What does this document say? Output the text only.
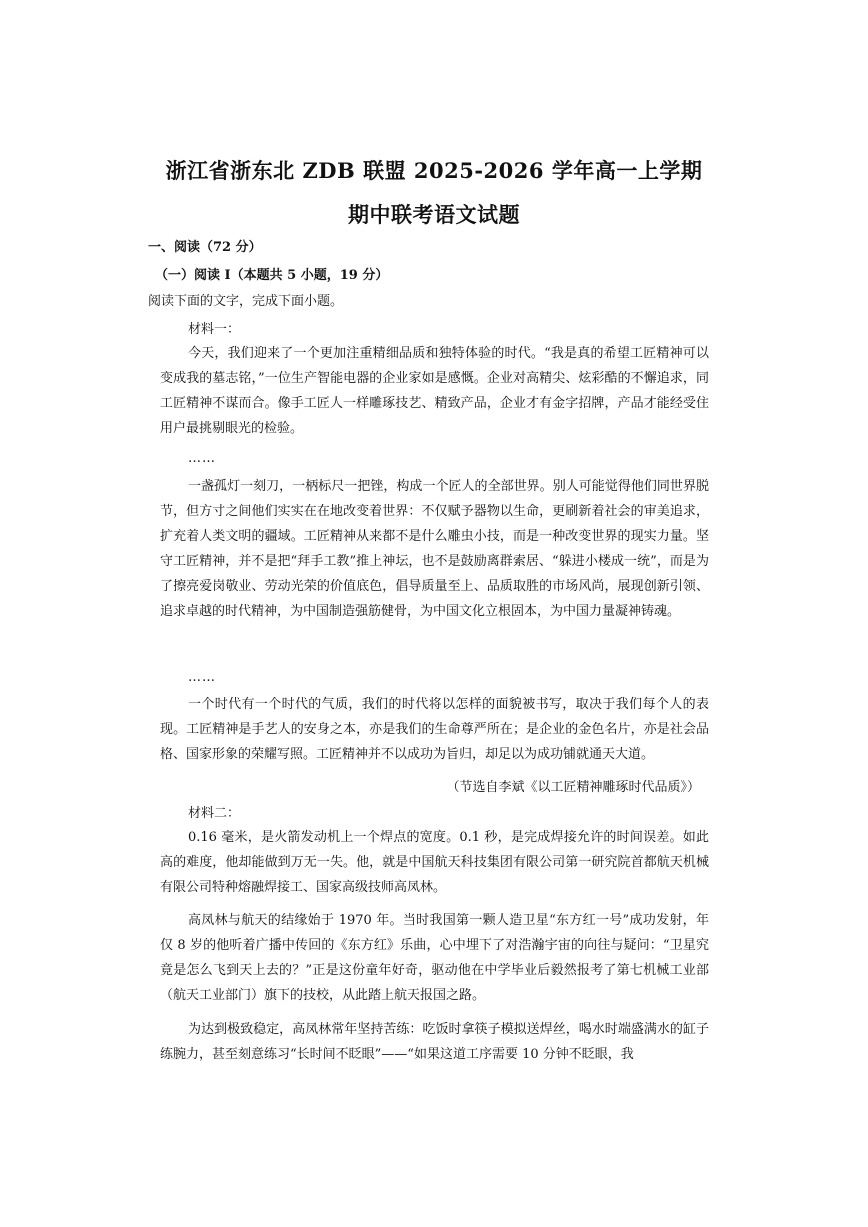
浙江省浙东北 ZDB 联盟 2025-2026 学年高一上学期
期中联考语文试题
一、阅读（72 分）
（一）阅读 I（本题共 5 小题，19 分）
阅读下面的文字，完成下面小题。
材料一：
今天，我们迎来了一个更加注重精细品质和独特体验的时代。“我是真的希望工匠精神可以变成我的墓志铭，”一位生产智能电器的企业家如是感慨。企业对高精尖、炫彩酷的不懈追求，同工匠精神不谋而合。像手工匠人一样雕琢技艺、精致产品，企业才有金字招牌，产品才能经受住用户最挑剔眼光的检验。
……
一盏孤灯一刻刀，一柄标尺一把锉，构成一个匠人的全部世界。别人可能觉得他们同世界脱节，但方寸之间他们实实在在地改变着世界：不仅赋予器物以生命，更刷新着社会的审美追求，扩充着人类文明的疆域。工匠精神从来都不是什么雕虫小技，而是一种改变世界的现实力量。坚守工匠精神，并不是把“拜手工教”推上神坛，也不是鼓励离群索居、“躲进小楼成一统”，而是为了擦亮爱岗敬业、劳动光荣的价值底色，倡导质量至上、品质取胜的市场风尚，展现创新引领、追求卓越的时代精神，为中国制造强筋健骨，为中国文化立根固本，为中国力量凝神铸魂。
……
一个时代有一个时代的气质，我们的时代将以怎样的面貌被书写，取决于我们每个人的表现。工匠精神是手艺人的安身之本，亦是我们的生命尊严所在；是企业的金色名片，亦是社会品格、国家形象的荣耀写照。工匠精神并不以成功为旨归，却足以为成功铺就通天大道。
（节选自李斌《以工匠精神雕琢时代品质》）
材料二：
0.16 毫米，是火箭发动机上一个焊点的宽度。0.1 秒，是完成焊接允许的时间误差。如此高的难度，他却能做到万无一失。他，就是中国航天科技集团有限公司第一研究院首都航天机械有限公司特种熔融焊接工、国家高级技师高凤林。
高凤林与航天的结缘始于 1970 年。当时我国第一颗人造卫星“东方红一号”成功发射，年仅 8 岁的他听着广播中传回的《东方红》乐曲，心中埋下了对浩瀚宇宙的向往与疑问：“卫星究竟是怎么飞到天上去的？”正是这份童年好奇，驱动他在中学毕业后毅然报考了第七机械工业部（航天工业部门）旗下的技校，从此踏上航天报国之路。
为达到极致稳定，高凤林常年坚持苦练：吃饭时拿筷子模拟送焊丝，喝水时端盛满水的缸子练腕力，甚至刻意练习“长时间不眨眼”——“如果这道工序需要 10 分钟不眨眼，我
